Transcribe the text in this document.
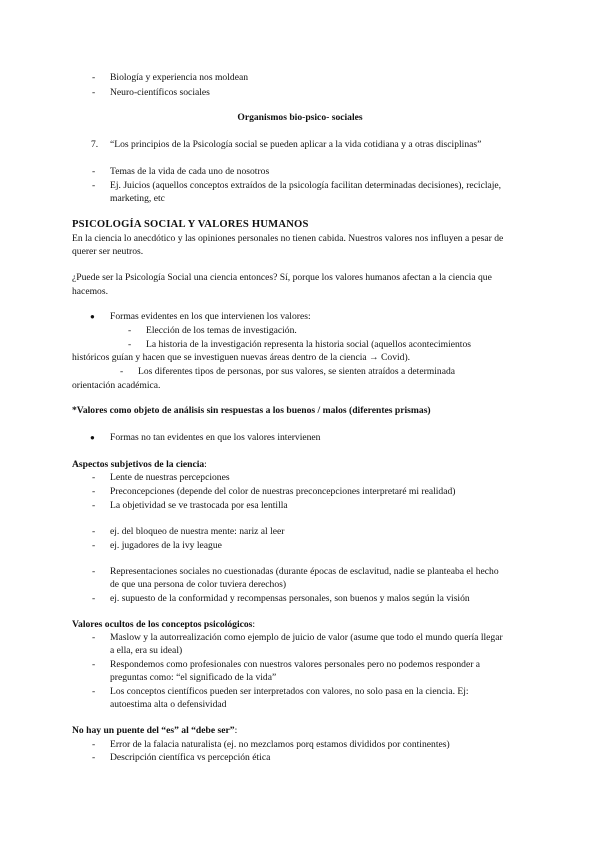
- Biología y experiencia nos moldean
- Neuro-científicos sociales
Organismos bio-psico- sociales
7. “Los principios de la Psicología social se pueden aplicar a la vida cotidiana y a otras disciplinas”
- Temas de la vida de cada uno de nosotros
- Ej. Juicios (aquellos conceptos extraídos de la psicología facilitan determinadas decisiones), reciclaje,
marketing, etc
PSICOLOGÍA SOCIAL Y VALORES HUMANOS
En la ciencia lo anecdótico y las opiniones personales no tienen cabida. Nuestros valores nos influyen a pesar de
querer ser neutros.
¿Puede ser la Psicología Social una ciencia entonces? Sí, porque los valores humanos afectan a la ciencia que
hacemos.
● Formas evidentes en los que intervienen los valores:
- Elección de los temas de investigación.
- La historia de la investigación representa la historia social (aquellos acontecimientos
históricos guían y hacen que se investiguen nuevas áreas dentro de la ciencia → Covid).
- Los diferentes tipos de personas, por sus valores, se sienten atraídos a determinada
orientación académica.
*Valores como objeto de análisis sin respuestas a los buenos / malos (diferentes prismas)
● Formas no tan evidentes en que los valores intervienen
Aspectos subjetivos de la ciencia:
- Lente de nuestras percepciones
- Preconcepciones (depende del color de nuestras preconcepciones interpretaré mi realidad)
- La objetividad se ve trastocada por esa lentilla
- ej. del bloqueo de nuestra mente: nariz al leer
- ej. jugadores de la ivy league
- Representaciones sociales no cuestionadas (durante épocas de esclavitud, nadie se planteaba el hecho
de que una persona de color tuviera derechos)
- ej. supuesto de la conformidad y recompensas personales, son buenos y malos según la visión
Valores ocultos de los conceptos psicológicos:
- Maslow y la autorrealización como ejemplo de juicio de valor (asume que todo el mundo quería llegar
a ella, era su ideal)
- Respondemos como profesionales con nuestros valores personales pero no podemos responder a
preguntas como: “el significado de la vida”
- Los conceptos científicos pueden ser interpretados con valores, no solo pasa en la ciencia. Ej:
autoestima alta o defensividad
No hay un puente del “es” al “debe ser”:
- Error de la falacia naturalista (ej. no mezclamos porq estamos divididos por continentes)
- Descripción científica vs percepción ética
